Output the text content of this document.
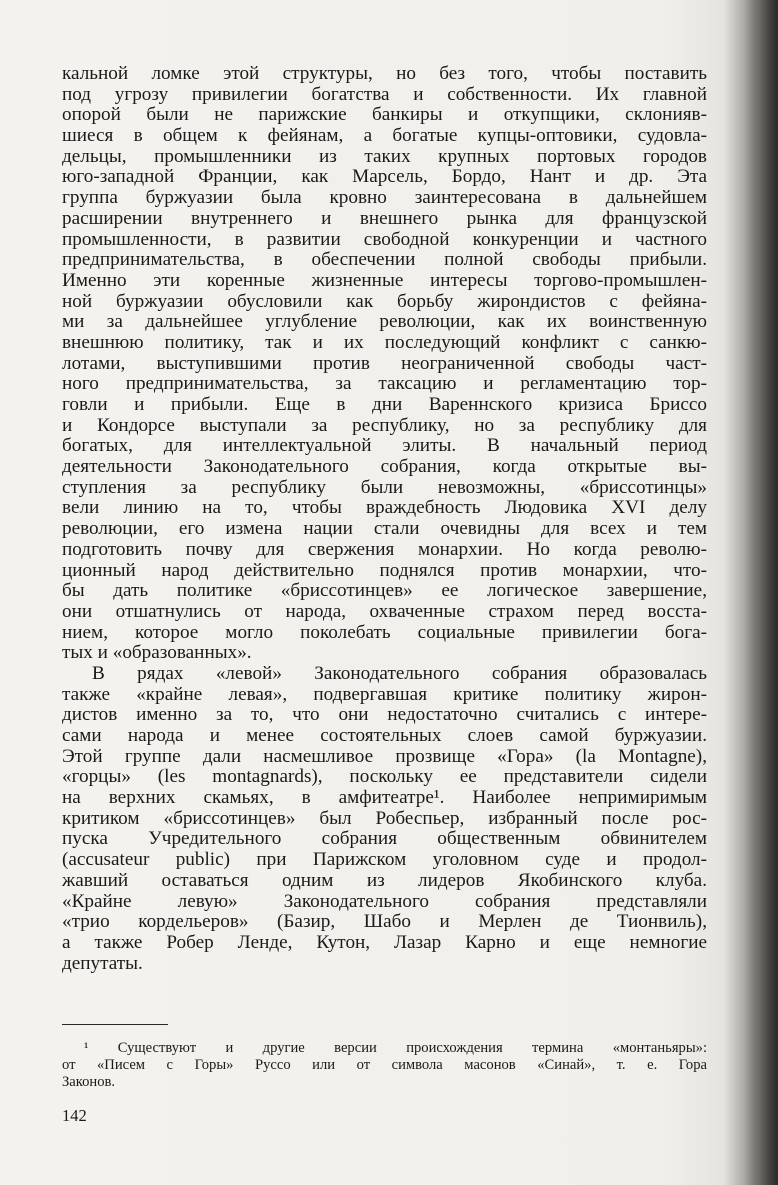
кальной ломке этой структуры, но без того, чтобы поставить
под угрозу привилегии богатства и собственности. Их главной
опорой были не парижские банкиры и откупщики, склонияв-
шиеся в общем к фейянам, а богатые купцы-оптовики, судовла-
дельцы, промышленники из таких крупных портовых городов
юго-западной Франции, как Марсель, Бордо, Нант и др. Эта
группа буржуазии была кровно заинтересована в дальнейшем
расширении внутреннего и внешнего рынка для французской
промышленности, в развитии свободной конкуренции и частного
предпринимательства, в обеспечении полной свободы прибыли.
Именно эти коренные жизненные интересы торгово-промышлен-
ной буржуазии обусловили как борьбу жирондистов с фейяна-
ми за дальнейшее углубление революции, как их воинственную
внешнюю политику, так и их последующий конфликт с санкю-
лотами, выступившими против неограниченной свободы част-
ного предпринимательства, за таксацию и регламентацию тор-
говли и прибыли. Еще в дни Вареннского кризиса Бриссо
и Кондорсе выступали за республику, но за республику для
богатых, для интеллектуальной элиты. В начальный период
деятельности Законодательного собрания, когда открытые вы-
ступления за республику были невозможны, «бриссотинцы»
вели линию на то, чтобы враждебность Людовика XVI делу
революции, его измена нации стали очевидны для всех и тем
подготовить почву для свержения монархии. Но когда револю-
ционный народ действительно поднялся против монархии, что-
бы дать политике «бриссотинцев» ее логическое завершение,
они отшатнулись от народа, охваченные страхом перед восста-
нием, которое могло поколебать социальные привилегии бога-
тых и «образованных».
В рядах «левой» Законодательного собрания образовалась
также «крайне левая», подвергавшая критике политику жирон-
дистов именно за то, что они недостаточно считались с интере-
сами народа и менее состоятельных слоев самой буржуазии.
Этой группе дали насмешливое прозвище «Гора» (la Montagne),
«горцы» (les montagnards), поскольку ее представители сидели
на верхних скамьях, в амфитеатре¹. Наиболее непримиримым
критиком «бриссотинцев» был Робеспьер, избранный после рос-
пуска Учредительного собрания общественным обвинителем
(accusateur public) при Парижском уголовном суде и продол-
жавший оставаться одним из лидеров Якобинского клуба.
«Крайне левую» Законодательного собрания представляли
«трио кордельеров» (Базир, Шабо и Мерлен де Тионвиль),
а также Робер Ленде, Кутон, Лазар Карно и еще немногие
депутаты.
¹ Существуют и другие версии происхождения термина «монтаньяры»:
от «Писем с Горы» Руссо или от символа масонов «Синай», т. е. Гора
Законов.
142
